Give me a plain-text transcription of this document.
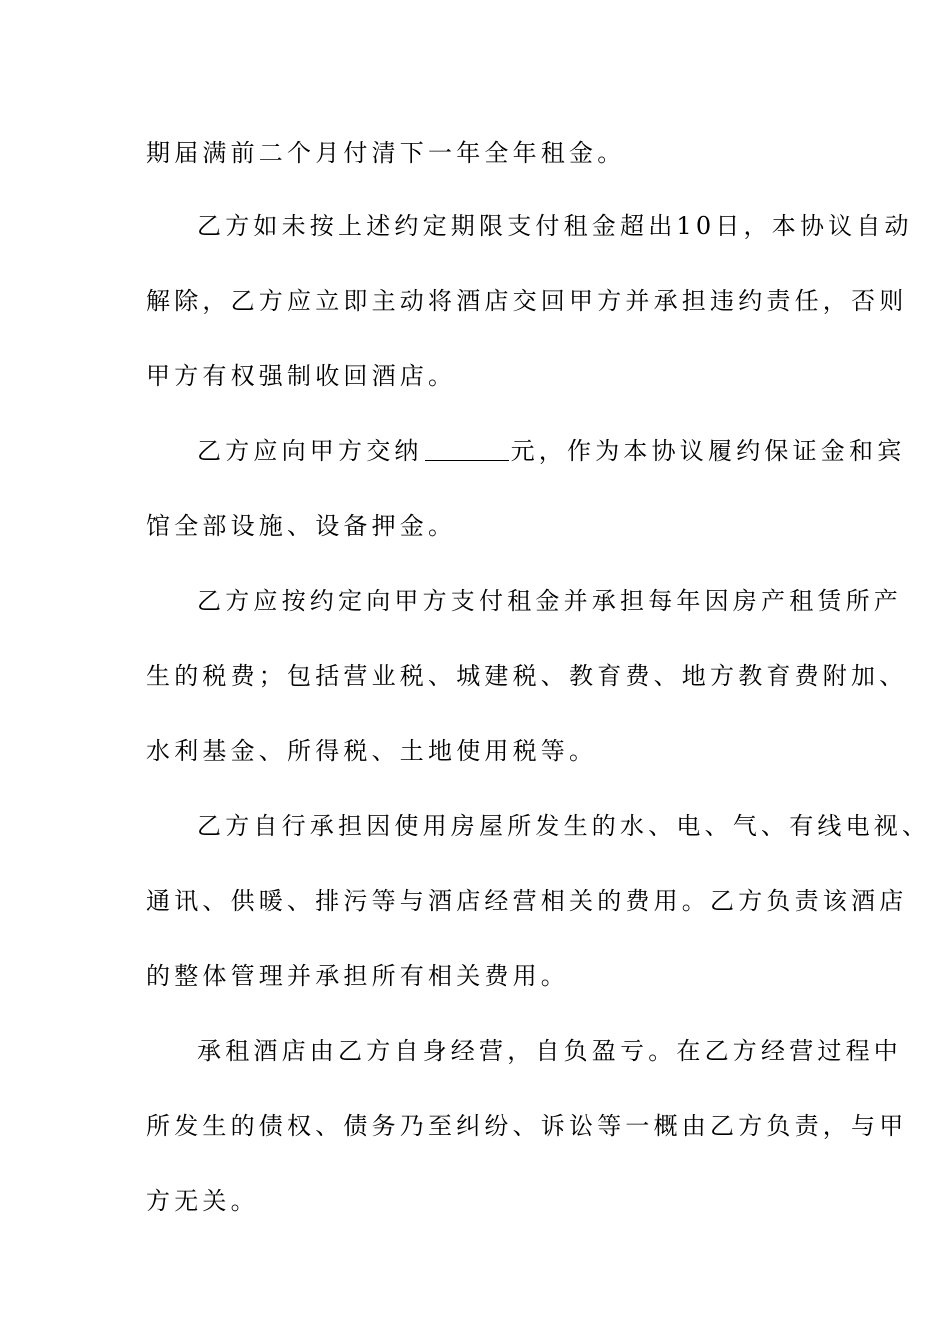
期届满前二个月付清下一年全年租金。
乙方如未按上述约定期限支付租金超出10日，本协议自动
解除，乙方应立即主动将酒店交回甲方并承担违约责任，否则
甲方有权强制收回酒店。
乙方应向甲方交纳	元，作为本协议履约保证金和宾
馆全部设施、设备押金。
乙方应按约定向甲方支付租金并承担每年因房产租赁所产
生的税费；包括营业税、城建税、教育费、地方教育费附加、
水利基金、所得税、土地使用税等。
乙方自行承担因使用房屋所发生的水、电、气、有线电视、
通讯、供暖、排污等与酒店经营相关的费用。乙方负责该酒店
的整体管理并承担所有相关费用。
承租酒店由乙方自身经营，自负盈亏。在乙方经营过程中
所发生的债权、债务乃至纠纷、诉讼等一概由乙方负责，与甲
方无关。
